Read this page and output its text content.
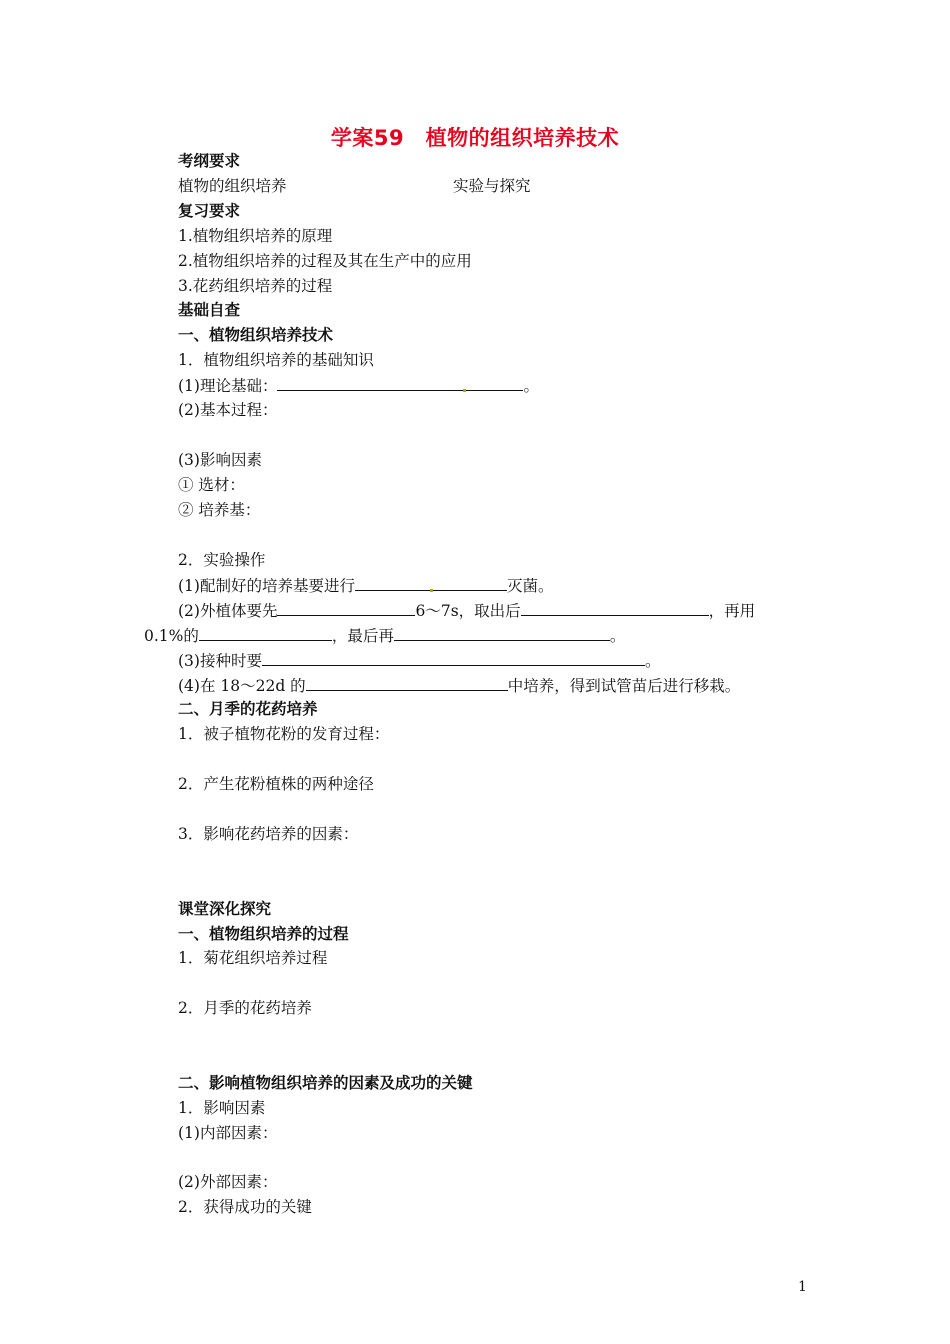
学案59　植物的组织培养技术
考纲要求
植物的组织培养	实验与探究
复习要求
1.植物组织培养的原理
2.植物组织培养的过程及其在生产中的应用
3.花药组织培养的过程
基础自查
一、植物组织培养技术
1．植物组织培养的基础知识
(1)理论基础：	。
(2)基本过程：
(3)影响因素
① 选材：
② 培养基：
2．实验操作
(1)配制好的培养基要进行	灭菌。
(2)外植体要先	6～7s，取出后	，再用
0.1%的	，最后再	。
(3)接种时要	。
(4)在 18～22d 的	中培养，得到试管苗后进行移栽。
二、月季的花药培养
1．被子植物花粉的发育过程：
2．产生花粉植株的两种途径
3．影响花药培养的因素：
课堂深化探究
一、植物组织培养的过程
1．菊花组织培养过程
2．月季的花药培养
二、影响植物组织培养的因素及成功的关键
1．影响因素
(1)内部因素：
(2)外部因素：
2．获得成功的关键
1
